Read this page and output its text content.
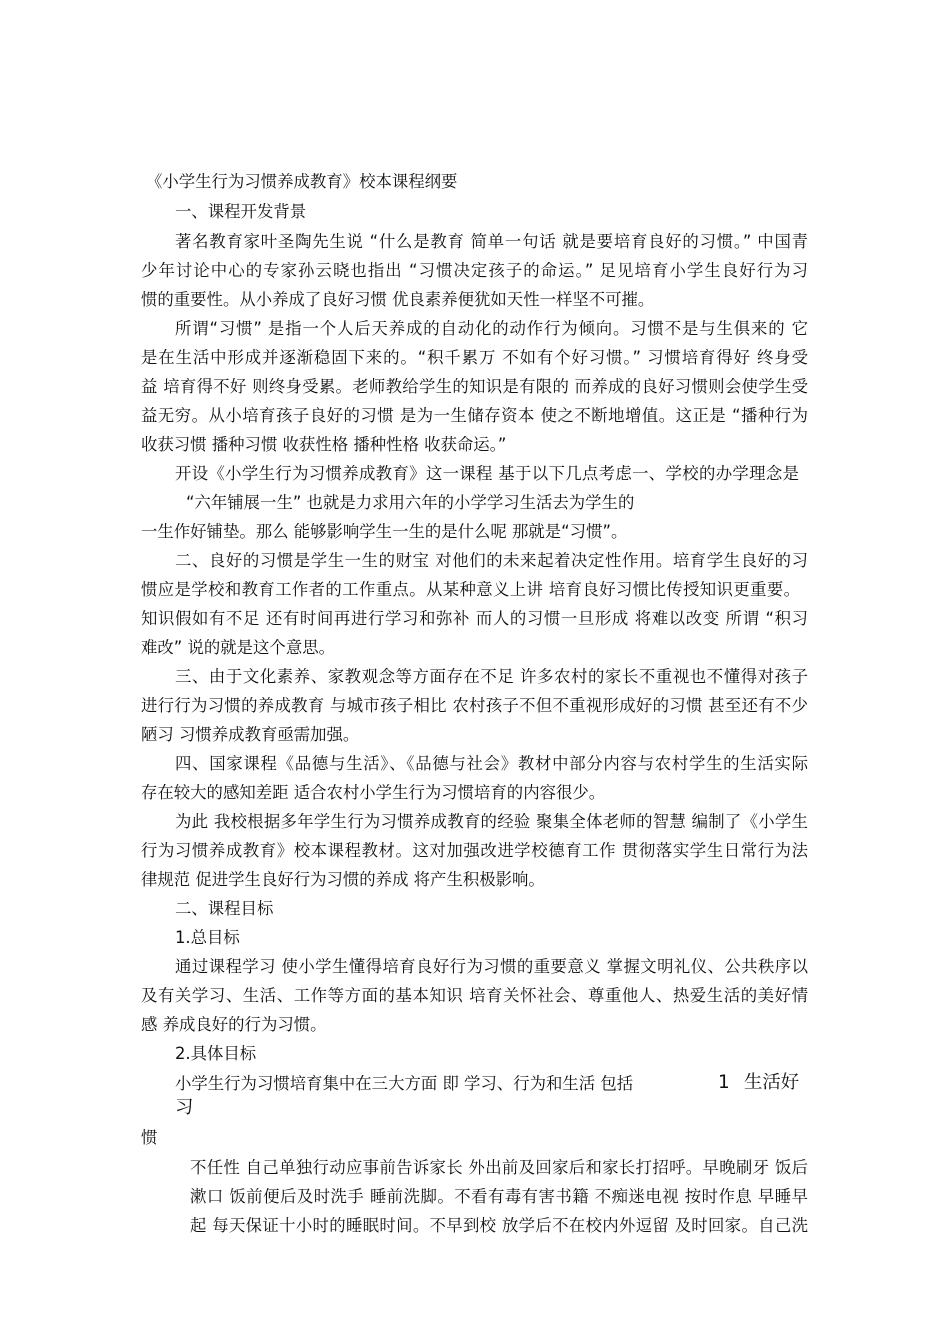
《小学生行为习惯养成教育》校本课程纲要
一、课程开发背景
著名教育家叶圣陶先生说 “什么是教育 简单一句话 就是要培育良好的习惯。” 中国青
少年讨论中心的专家孙云晓也指出 “习惯决定孩子的命运。” 足见培育小学生良好行为习
惯的重要性。从小养成了良好习惯 优良素养便犹如天性一样坚不可摧。
所谓“习惯” 是指一个人后天养成的自动化的动作行为倾向。习惯不是与生俱来的 它
是在生活中形成并逐渐稳固下来的。“积千累万 不如有个好习惯。” 习惯培育得好 终身受
益 培育得不好 则终身受累。老师教给学生的知识是有限的 而养成的良好习惯则会使学生受
益无穷。从小培育孩子良好的习惯 是为一生储存资本 使之不断地增值。这正是 “播种行为
收获习惯 播种习惯 收获性格 播种性格 收获命运。”
开设《小学生行为习惯养成教育》这一课程 基于以下几点考虑一、学校的办学理念是
“六年铺展一生” 也就是力求用六年的小学学习生活去为学生的
一生作好铺垫。那么 能够影响学生一生的是什么呢 那就是“习惯”。
二、良好的习惯是学生一生的财宝 对他们的未来起着决定性作用。培育学生良好的习
惯应是学校和教育工作者的工作重点。从某种意义上讲 培育良好习惯比传授知识更重要。
知识假如有不足 还有时间再进行学习和弥补 而人的习惯一旦形成 将难以改变 所谓 “积习
难改” 说的就是这个意思。
三、由于文化素养、家教观念等方面存在不足 许多农村的家长不重视也不懂得对孩子
进行行为习惯的养成教育 与城市孩子相比 农村孩子不但不重视形成好的习惯 甚至还有不少
陋习 习惯养成教育亟需加强。
四、国家课程《品德与生活》、《品德与社会》教材中部分内容与农村学生的生活实际
存在较大的感知差距 适合农村小学生行为习惯培育的内容很少。
为此 我校根据多年学生行为习惯养成教育的经验 聚集全体老师的智慧 编制了《小学生
行为习惯养成教育》校本课程教材。这对加强改进学校德育工作 贯彻落实学生日常行为法
律规范 促进学生良好行为习惯的养成 将产生积极影响。
二、课程目标
1.总目标
通过课程学习 使小学生懂得培育良好行为习惯的重要意义 掌握文明礼仪、公共秩序以
及有关学习、生活、工作等方面的基本知识 培育关怀社会、尊重他人、热爱生活的美好情
感 养成良好的行为习惯。
2.具体目标
小学生行为习惯培育集中在三大方面 即 学习、行为和生活 包括	1 生活好
习
惯
不任性 自己单独行动应事前告诉家长 外出前及回家后和家长打招呼。早晚刷牙 饭后
漱口 饭前便后及时洗手 睡前洗脚。不看有毒有害书籍 不痴迷电视 按时作息 早睡早
起 每天保证十小时的睡眠时间。不早到校 放学后不在校内外逗留 及时回家。自己洗
